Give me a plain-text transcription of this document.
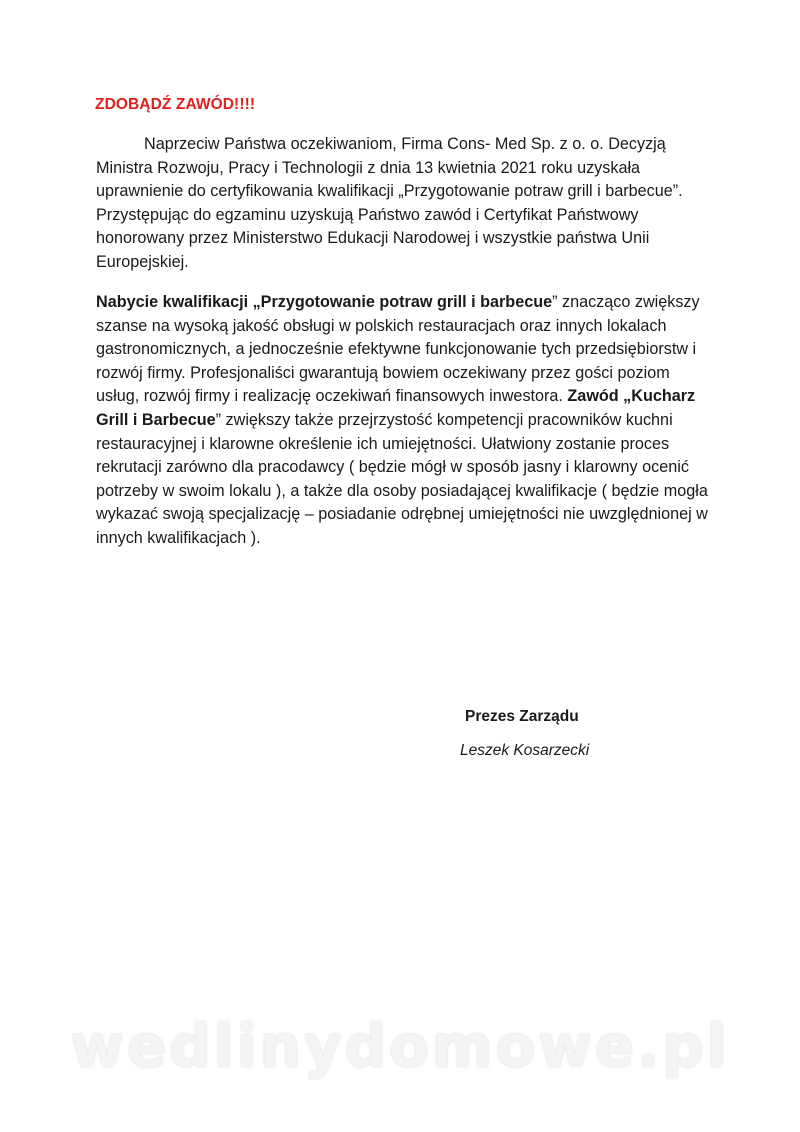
ZDOBĄDŹ ZAWÓD!!!!

Naprzeciw Państwa oczekiwaniom, Firma Cons- Med Sp. z o. o. Decyzją Ministra Rozwoju, Pracy i Technologii z dnia 13 kwietnia 2021 roku uzyskała uprawnienie do certyfikowania kwalifikacji „Przygotowanie potraw grill i barbecue”. Przystępując do egzaminu uzyskują Państwo zawód i Certyfikat Państwowy honorowany przez Ministerstwo Edukacji Narodowej i wszystkie państwa Unii Europejskiej.

Nabycie kwalifikacji „Przygotowanie potraw grill i barbecue” znacząco zwiększy szanse na wysoką jakość obsługi w polskich restauracjach oraz innych lokalach gastronomicznych, a jednocześnie efektywne funkcjonowanie tych przedsiębiorstw i rozwój firmy. Profesjonaliści gwarantują bowiem oczekiwany przez gości poziom usług, rozwój firmy i realizację oczekiwań finansowych inwestora. Zawód „Kucharz Grill i Barbecue” zwiększy także przejrzystość kompetencji pracowników kuchni restauracyjnej i klarowne określenie ich umiejętności. Ułatwiony zostanie proces rekrutacji zarówno dla pracodawcy ( będzie mógł w sposób jasny i klarowny ocenić potrzeby w swoim lokalu ), a także dla osoby posiadającej kwalifikacje ( będzie mogła wykazać swoją specjalizację – posiadanie odrębnej umiejętności nie uwzględnionej w innych kwalifikacjach ).

Prezes Zarządu
Leszek Kosarzecki
wedlinydomowe.pl
